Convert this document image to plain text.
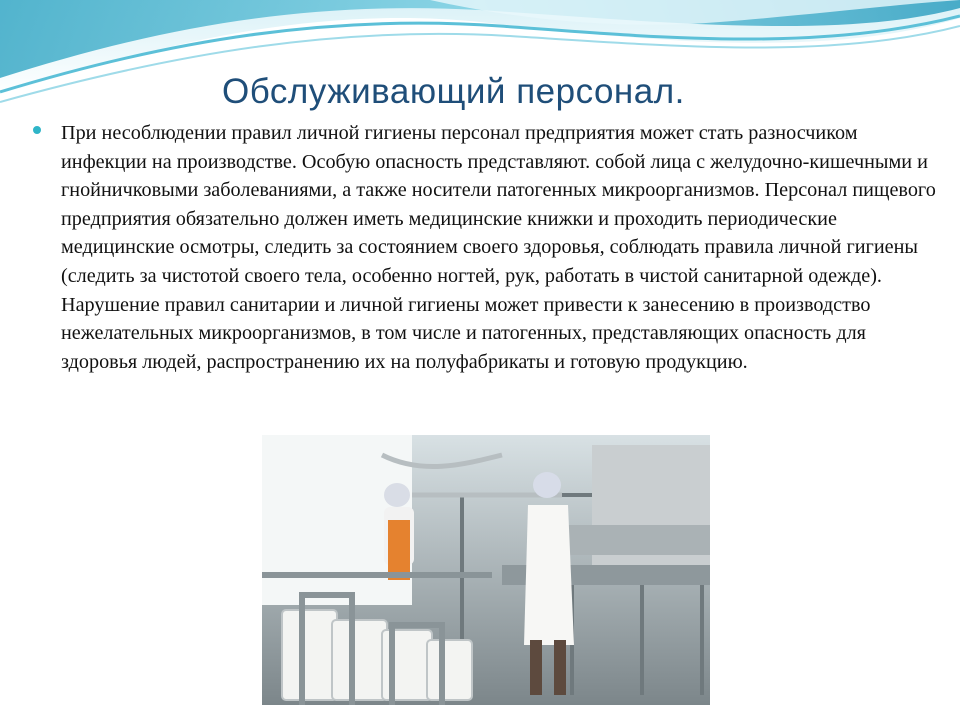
Обслуживающий персонал.

При несоблюдении правил личной гигиены персонал предприятия может стать разносчиком инфекции на производстве. Особую опасность представляют. собой лица с желудочно-кишечными и гнойничковыми заболеваниями, а также носители патогенных микроорганизмов. Персонал пищевого предприятия обязательно должен иметь медицинские книжки и проходить периодические медицинские осмотры, следить за состоянием своего здоровья, соблюдать правила личной гигиены (следить за чистотой своего тела, особенно ногтей, рук, работать в чистой санитарной одежде). Нарушение правил санитарии и личной гигиены может привести к занесению в производство нежелательных микроорганизмов, в том числе и патогенных, представляющих опасность для здоровья людей, распространению их на полуфабрикаты и готовую продукцию.
